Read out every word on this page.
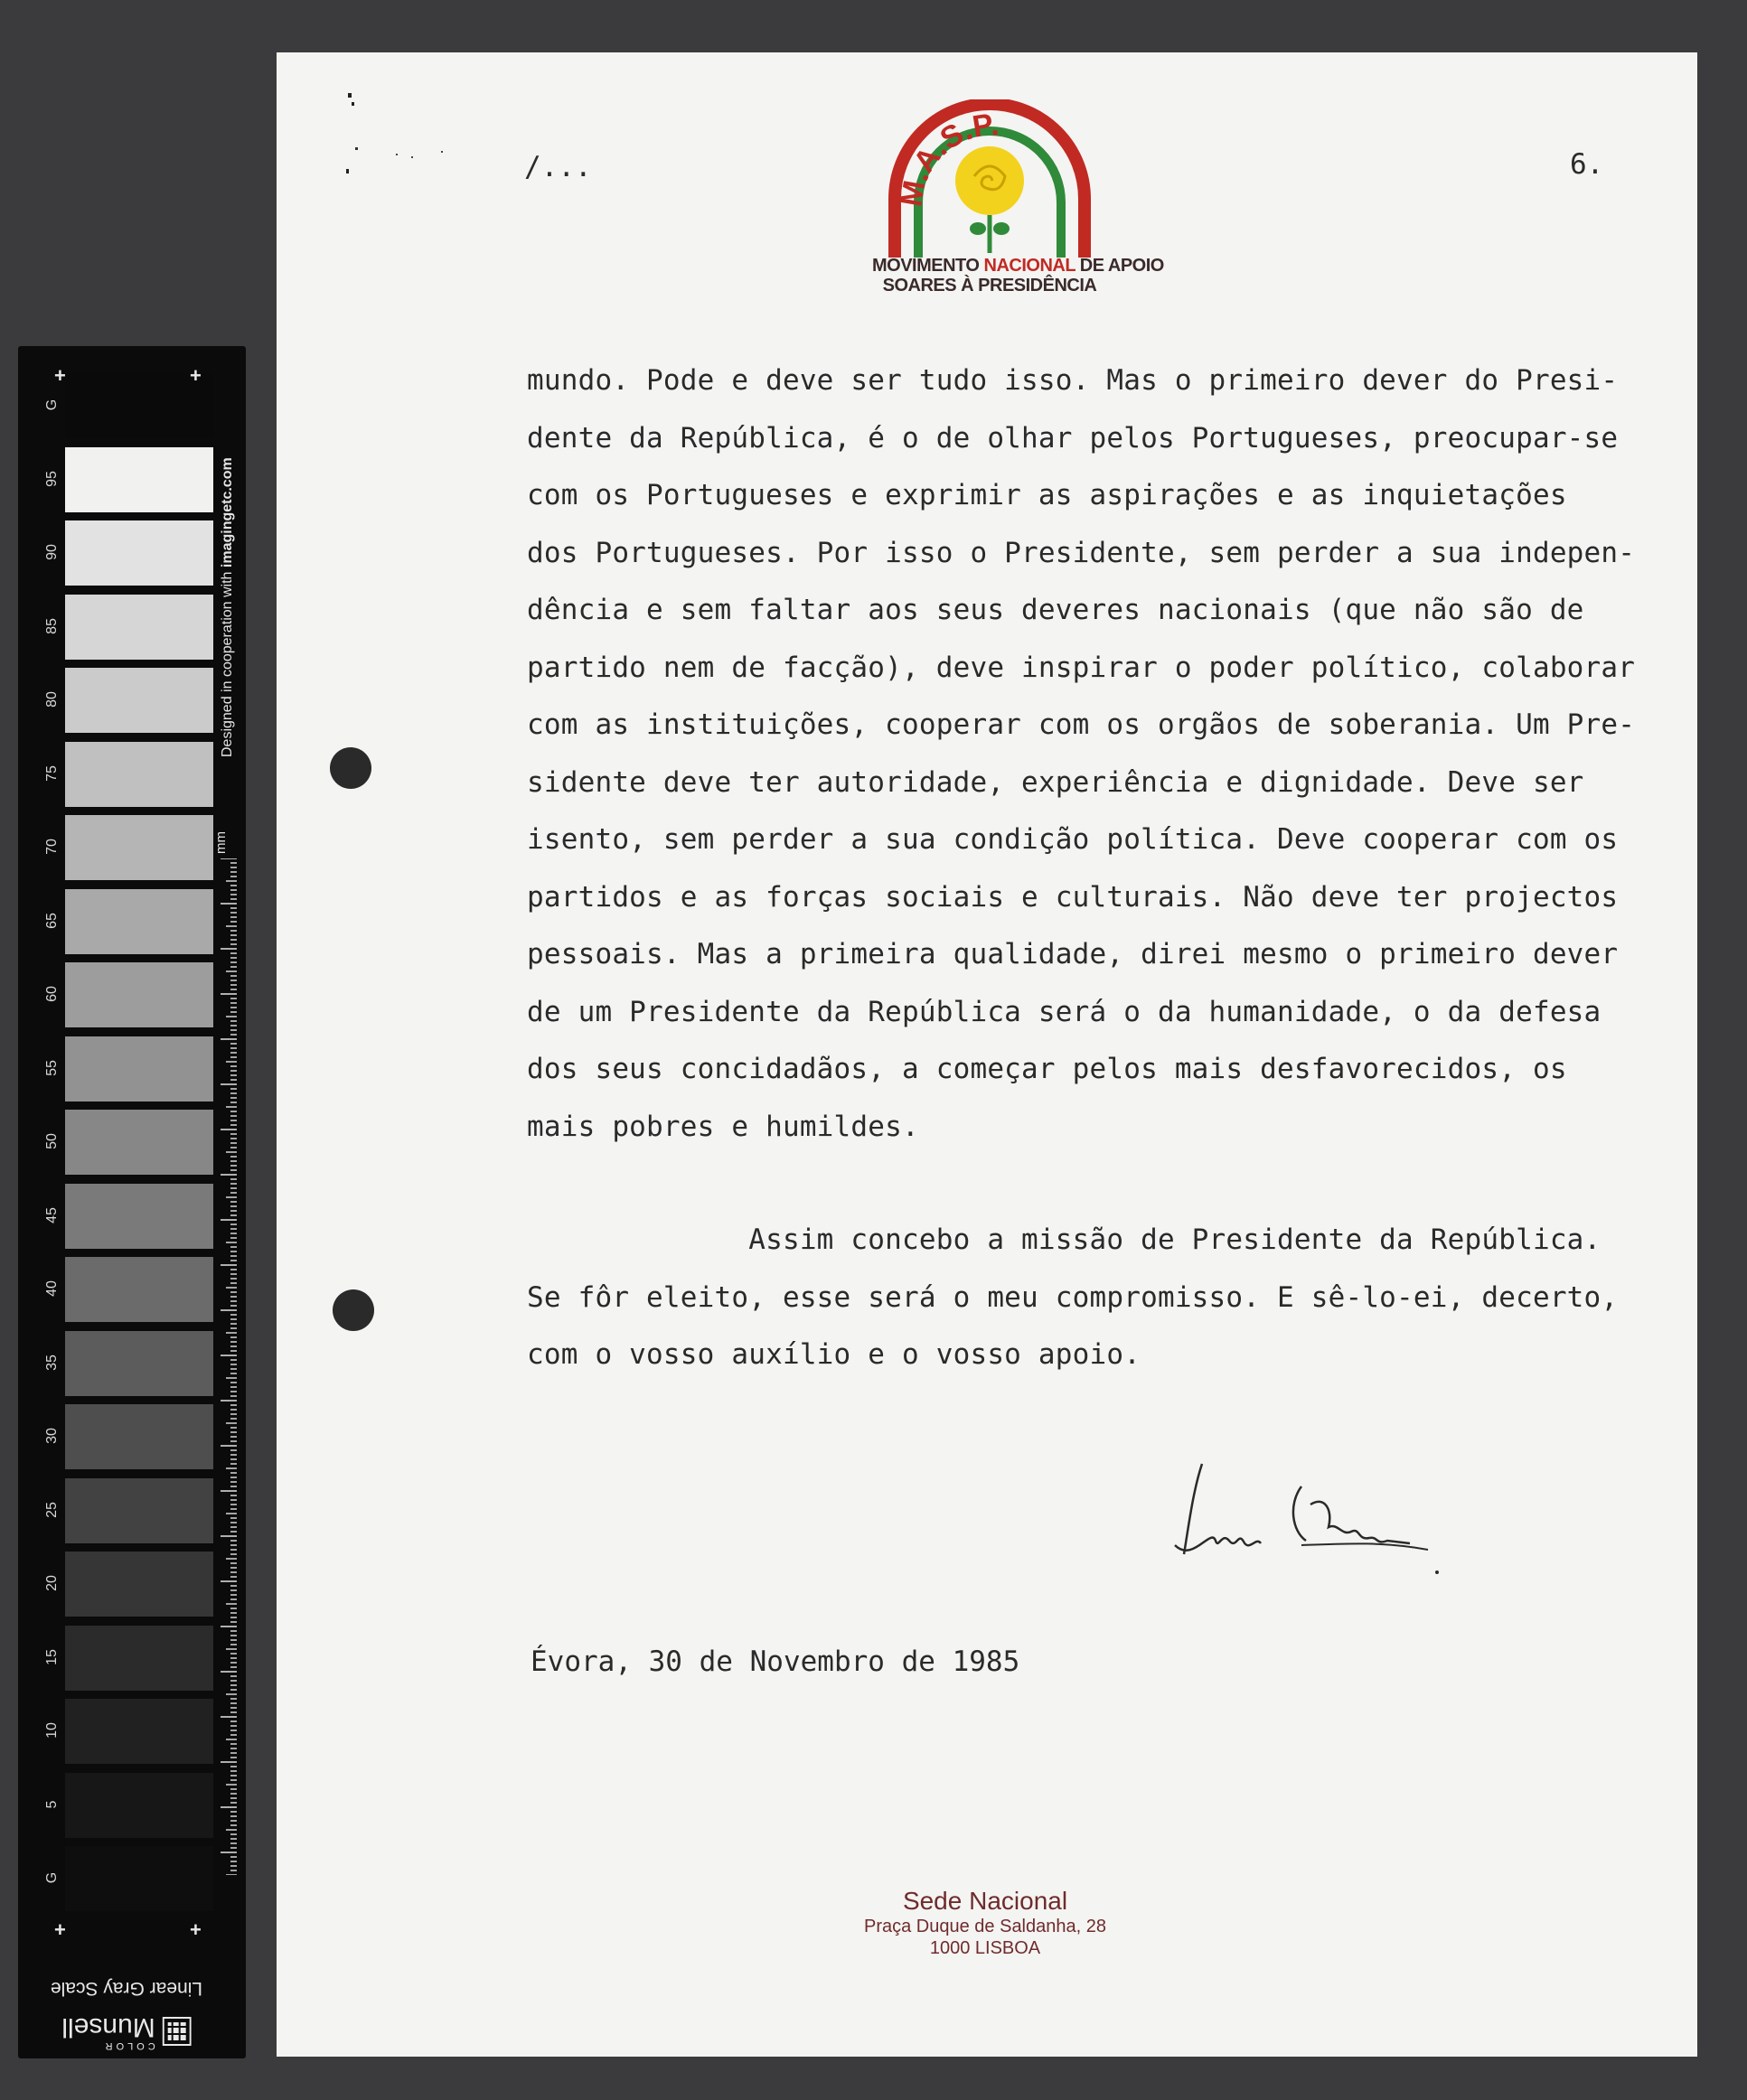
G
95
90
85
80
75
70
65
60
55
50
45
40
35
30
25
20
15
10
5
G
+	+
+	+
Designed in cooperation with imagingetc.com
mm
Linear Gray Scale
COLOR
Munsell
/...	6.
M.A.S.P.
MOVIMENTO NACIONAL DE APOIO
SOARES À PRESIDÊNCIA
mundo. Pode e deve ser tudo isso. Mas o primeiro dever do Presi-
dente da República, é o de olhar pelos Portugueses, preocupar-se
com os Portugueses e exprimir as aspirações e as inquietações
dos Portugueses. Por isso o Presidente, sem perder a sua indepen-
dência e sem faltar aos seus deveres nacionais (que não são de
partido nem de facção), deve inspirar o poder político, colaborar
com as instituições, cooperar com os orgãos de soberania. Um Pre-
sidente deve ter autoridade, experiência e dignidade. Deve ser
isento, sem perder a sua condição política. Deve cooperar com os
partidos e as forças sociais e culturais. Não deve ter projectos
pessoais. Mas a primeira qualidade, direi mesmo o primeiro dever
de um Presidente da República será o da humanidade, o da defesa
dos seus concidadãos, a começar pelos mais desfavorecidos, os
mais pobres e humildes.
Assim concebo a missão de Presidente da República.
Se fôr eleito, esse será o meu compromisso. E sê-lo-ei, decerto,
com o vosso auxílio e o vosso apoio.
Évora, 30 de Novembro de 1985
Sede Nacional
Praça Duque de Saldanha, 28
1000 LISBOA
